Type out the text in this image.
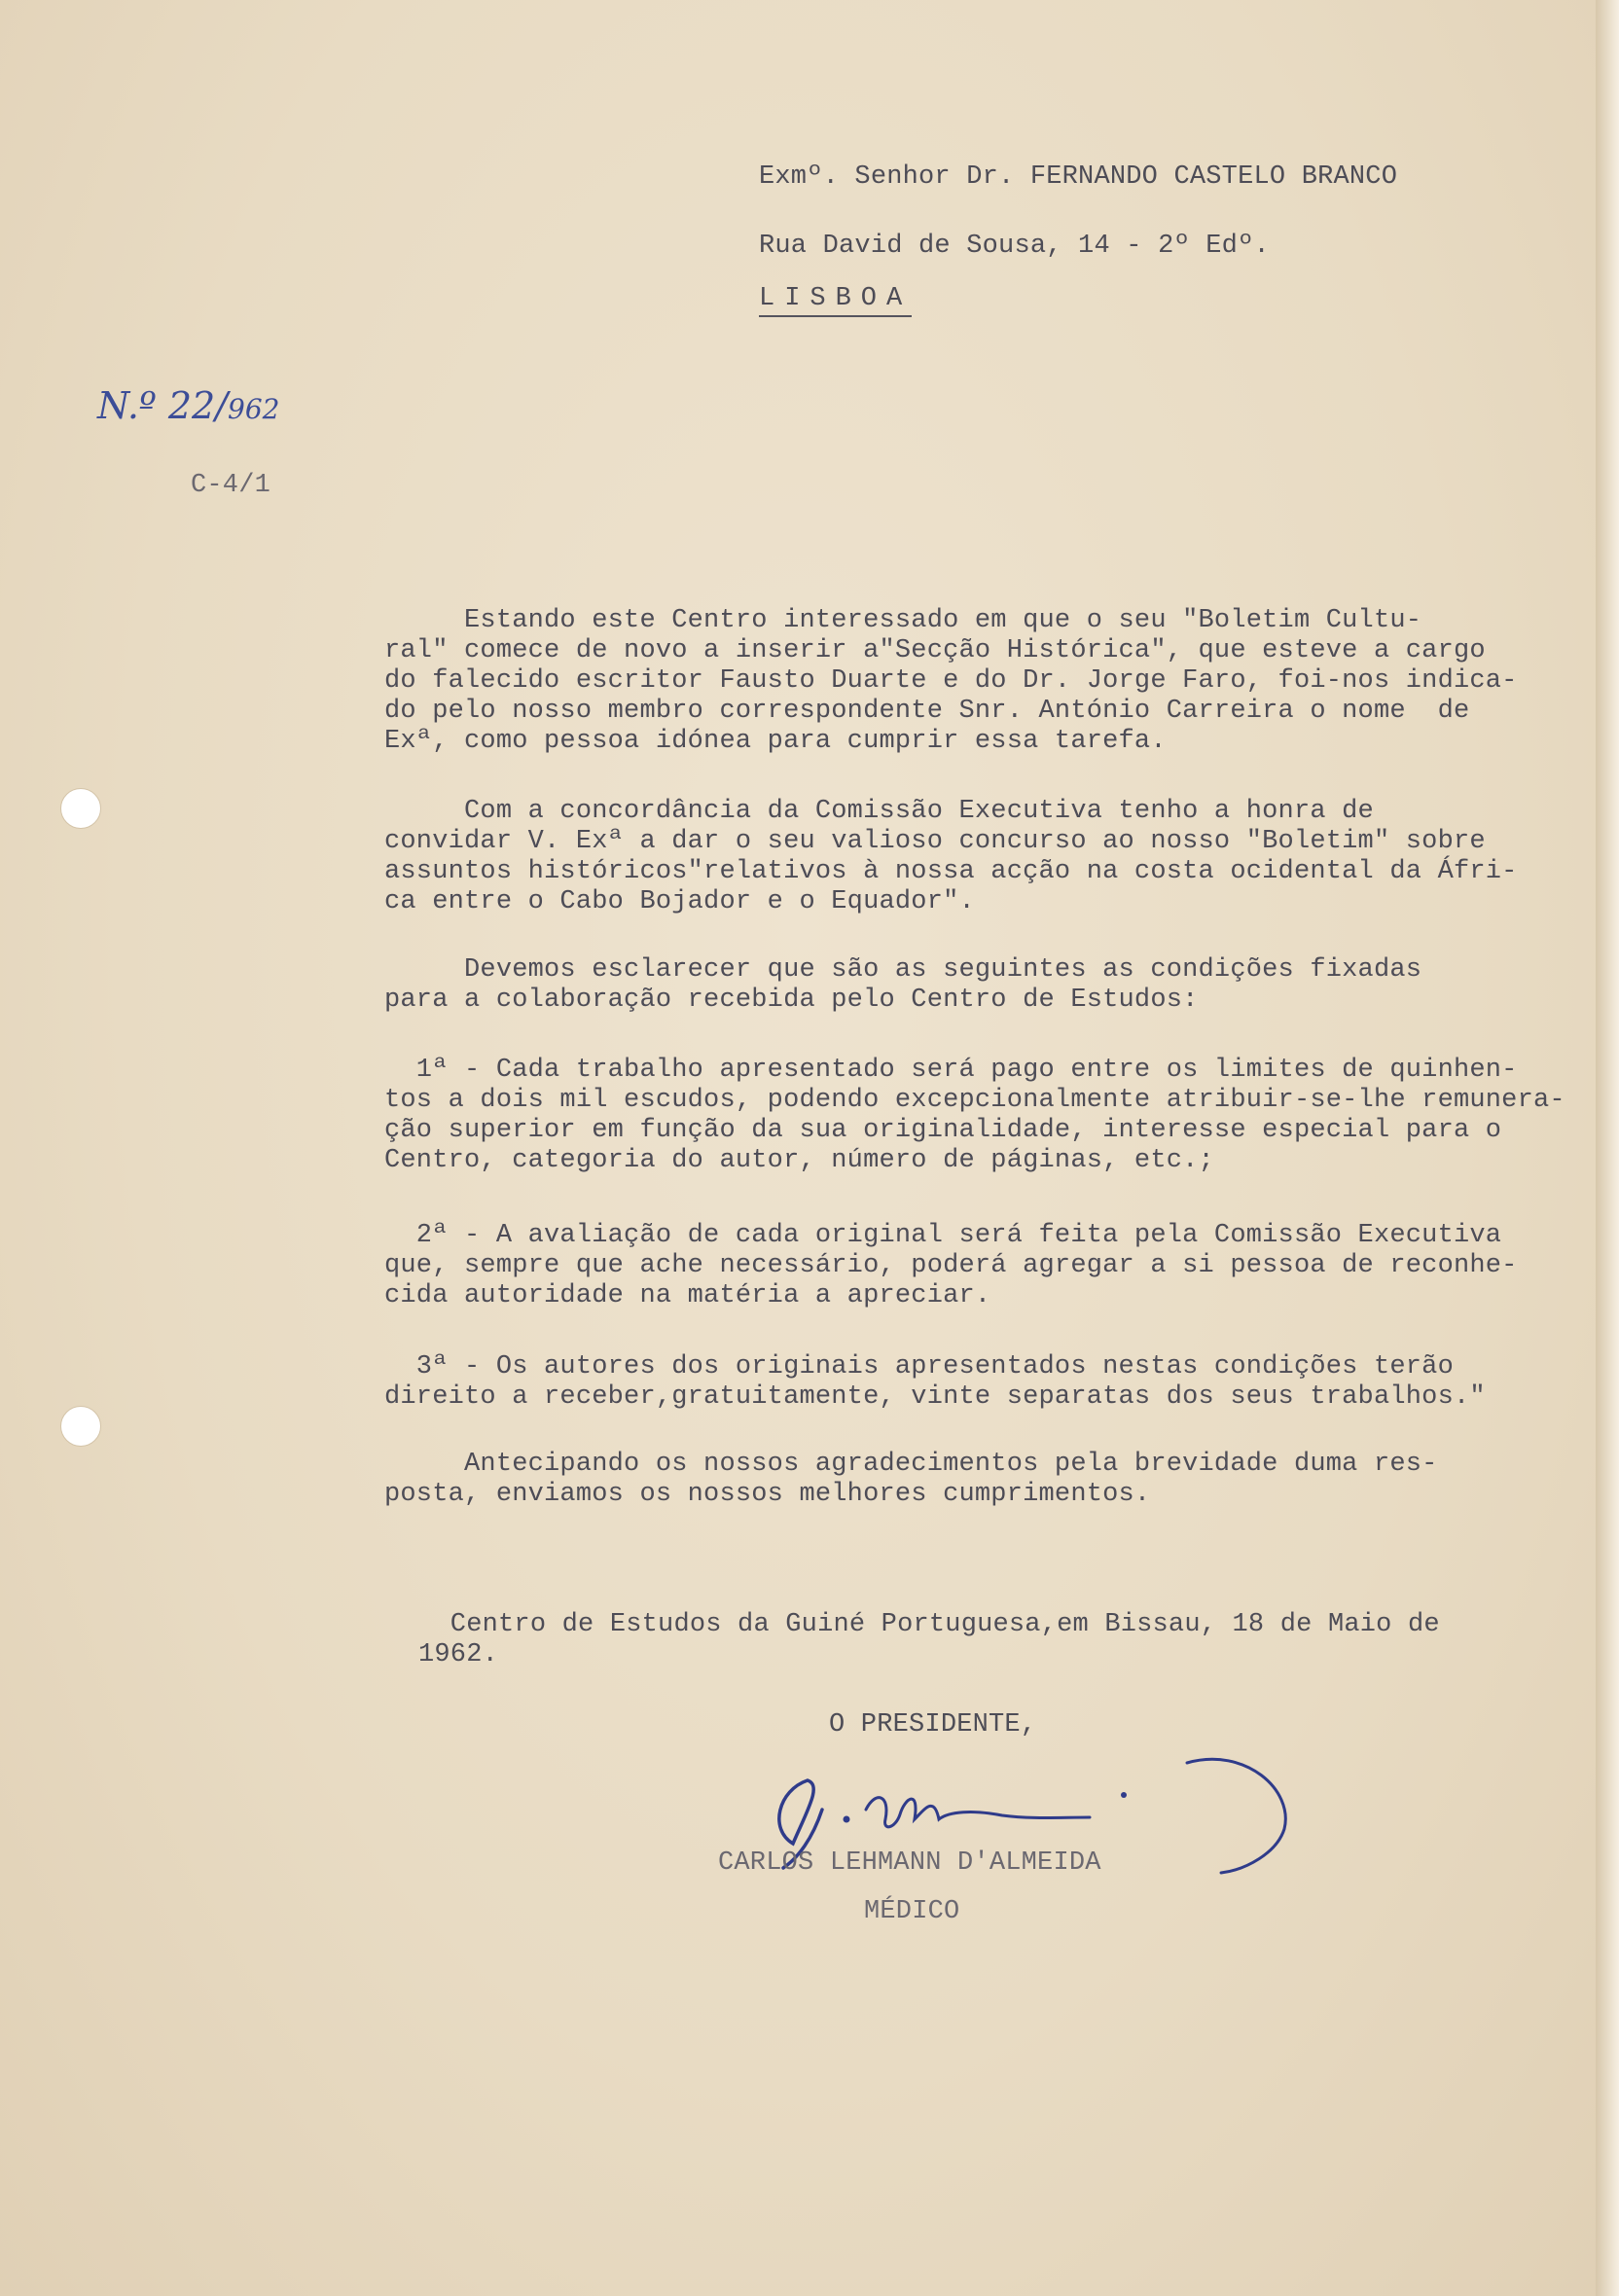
Exmº. Senhor Dr. FERNANDO CASTELO BRANCO
Rua David de Sousa, 14 - 2º Edº.
LISBOA
N.º 22/962
C-4/1
Estando este Centro interessado em que o seu "Boletim Cultu-
ral" comece de novo a inserir a"Secção Histórica", que esteve a cargo
do falecido escritor Fausto Duarte e do Dr. Jorge Faro, foi-nos indica-
do pelo nosso membro correspondente Snr. António Carreira o nome  de
Exª, como pessoa idónea para cumprir essa tarefa.
Com a concordância da Comissão Executiva tenho a honra de
convidar V. Exª a dar o seu valioso concurso ao nosso "Boletim" sobre
assuntos históricos"relativos à nossa acção na costa ocidental da Áfri-
ca entre o Cabo Bojador e o Equador".
Devemos esclarecer que são as seguintes as condições fixadas
para a colaboração recebida pelo Centro de Estudos:
1ª - Cada trabalho apresentado será pago entre os limites de quinhen-
tos a dois mil escudos, podendo excepcionalmente atribuir-se-lhe remunera-
ção superior em função da sua originalidade, interesse especial para o
Centro, categoria do autor, número de páginas, etc.;
2ª - A avaliação de cada original será feita pela Comissão Executiva
que, sempre que ache necessário, poderá agregar a si pessoa de reconhe-
cida autoridade na matéria a apreciar.
3ª - Os autores dos originais apresentados nestas condições terão
direito a receber,gratuitamente, vinte separatas dos seus trabalhos."
Antecipando os nossos agradecimentos pela brevidade duma res-
posta, enviamos os nossos melhores cumprimentos.
Centro de Estudos da Guiné Portuguesa,em Bissau, 18 de Maio de
1962.
O PRESIDENTE,
CARLOS LEHMANN D'ALMEIDA
MÉDICO
